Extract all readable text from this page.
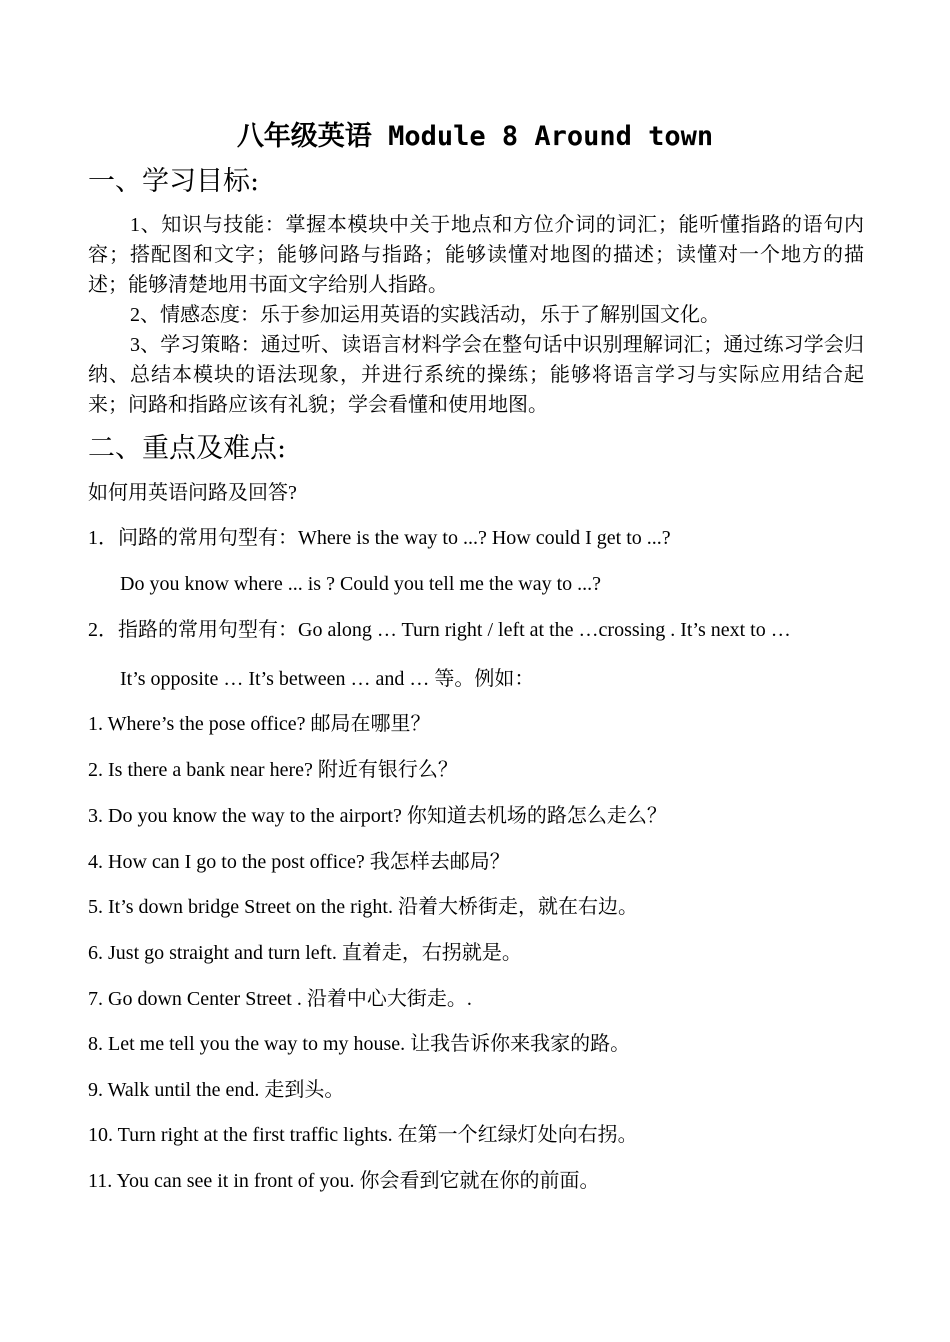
八年级英语 Module 8 Around town
一、学习目标:
1、知识与技能：掌握本模块中关于地点和方位介词的词汇；能听懂指路的语句内容；搭配图和文字；能够问路与指路；能够读懂对地图的描述；读懂对一个地方的描述；能够清楚地用书面文字给别人指路。
2、情感态度：乐于参加运用英语的实践活动，乐于了解别国文化。
3、学习策略：通过听、读语言材料学会在整句话中识别理解词汇；通过练习学会归纳、总结本模块的语法现象，并进行系统的操练；能够将语言学习与实际应用结合起来；问路和指路应该有礼貌；学会看懂和使用地图。
二、重点及难点:
如何用英语问路及回答?
1．问路的常用句型有：Where is the way to ...? How could I get to ...?
Do you know where ... is ? Could you tell me the way to ...?
2．指路的常用句型有：Go along … Turn right / left at the …crossing . It’s next to …
It’s opposite … It’s between … and … 等。例如：
1. Where’s the pose office? 邮局在哪里？
2. Is there a bank near here? 附近有银行么？
3. Do you know the way to the airport? 你知道去机场的路怎么走么？
4. How can I go to the post office? 我怎样去邮局？
5. It’s down bridge Street on the right. 沿着大桥街走，就在右边。
6. Just go straight and turn left. 直着走，右拐就是。
7. Go down Center Street . 沿着中心大街走。.
8. Let me tell you the way to my house. 让我告诉你来我家的路。
9. Walk until the end. 走到头。
10. Turn right at the first traffic lights. 在第一个红绿灯处向右拐。
11. You can see it in front of you. 你会看到它就在你的前面。
